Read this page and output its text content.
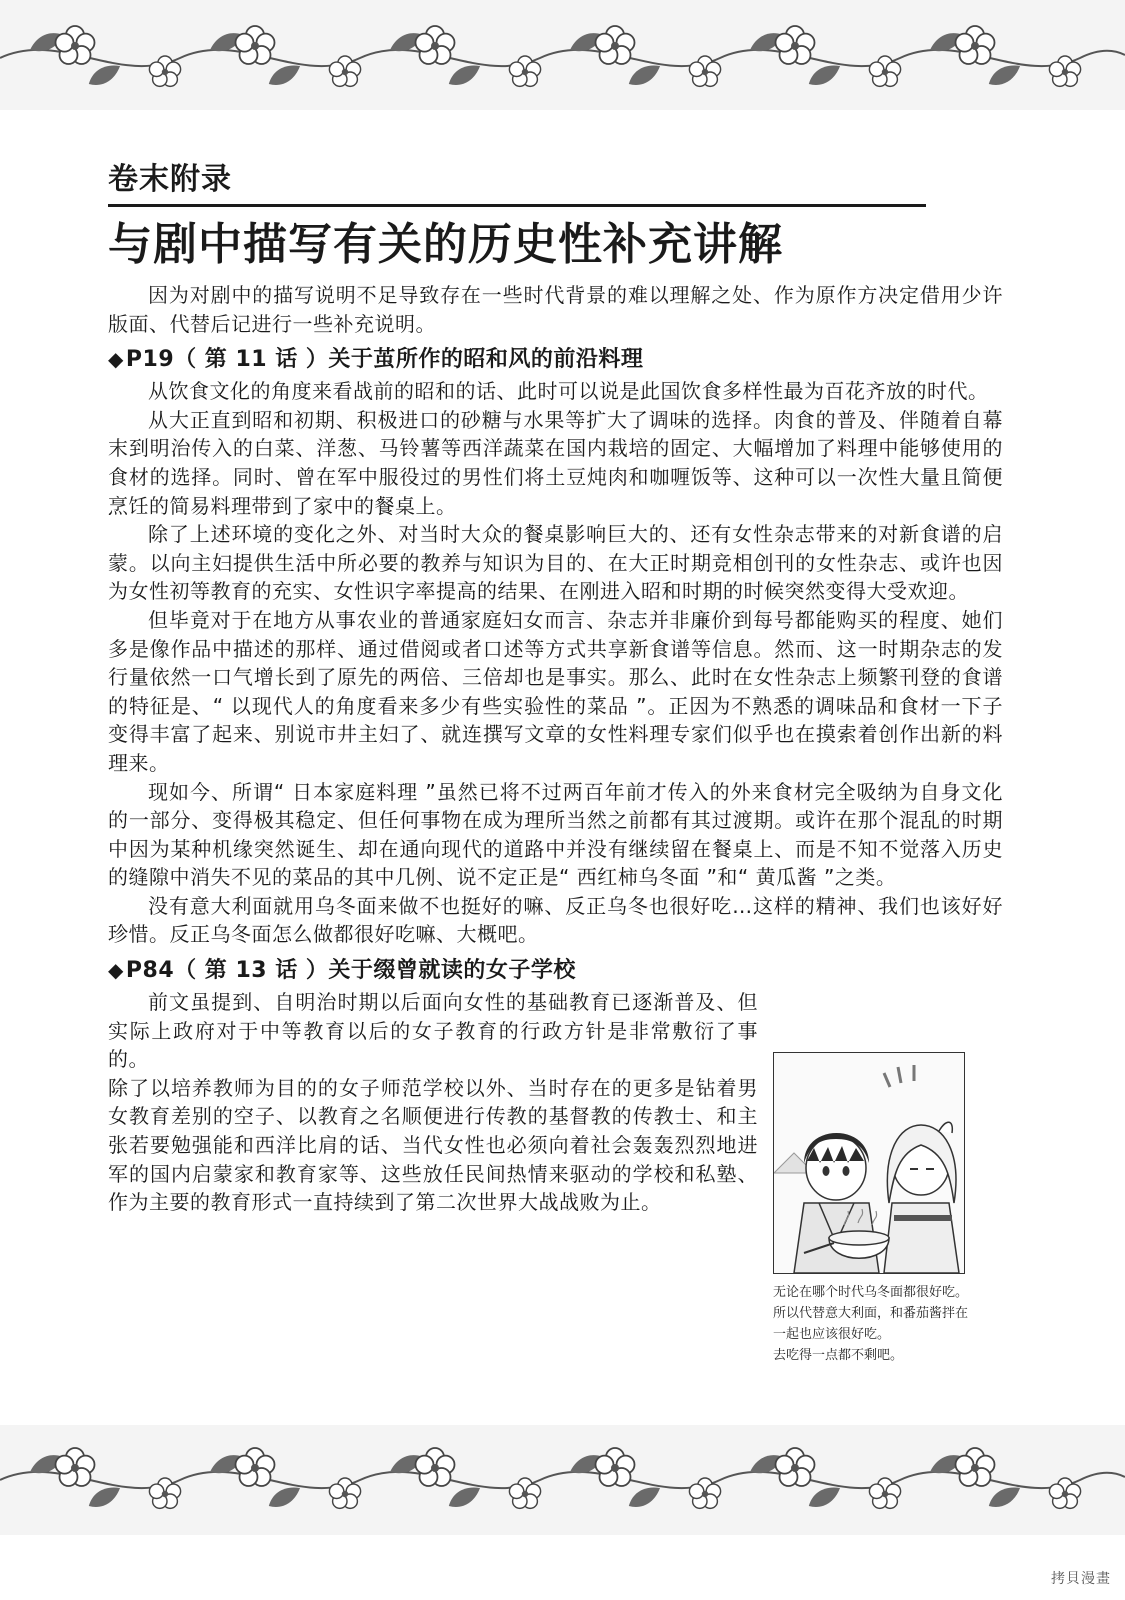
卷末附录

与剧中描写有关的历史性补充讲解

因为对剧中的描写说明不足导致存在一些时代背景的难以理解之处、作为原作方决定借用少许版面、代替后记进行一些补充说明。

◆P19（ 第 11 话 ）关于茧所作的昭和风的前沿料理

从饮食文化的角度来看战前的昭和的话、此时可以说是此国饮食多样性最为百花齐放的时代。

从大正直到昭和初期、积极进口的砂糖与水果等扩大了调味的选择。肉食的普及、伴随着自幕末到明治传入的白菜、洋葱、马铃薯等西洋蔬菜在国内栽培的固定、大幅增加了料理中能够使用的食材的选择。同时、曾在军中服役过的男性们将土豆炖肉和咖喱饭等、这种可以一次性大量且简便烹饪的简易料理带到了家中的餐桌上。

除了上述环境的变化之外、对当时大众的餐桌影响巨大的、还有女性杂志带来的对新食谱的启蒙。以向主妇提供生活中所必要的教养与知识为目的、在大正时期竞相创刊的女性杂志、或许也因为女性初等教育的充实、女性识字率提高的结果、在刚进入昭和时期的时候突然变得大受欢迎。

但毕竟对于在地方从事农业的普通家庭妇女而言、杂志并非廉价到每号都能购买的程度、她们多是像作品中描述的那样、通过借阅或者口述等方式共享新食谱等信息。然而、这一时期杂志的发行量依然一口气增长到了原先的两倍、三倍却也是事实。那么、此时在女性杂志上频繁刊登的食谱的特征是、“ 以现代人的角度看来多少有些实验性的菜品 ”。正因为不熟悉的调味品和食材一下子变得丰富了起来、别说市井主妇了、就连撰写文章的女性料理专家们似乎也在摸索着创作出新的料理来。

现如今、所谓“ 日本家庭料理 ”虽然已将不过两百年前才传入的外来食材完全吸纳为自身文化的一部分、变得极其稳定、但任何事物在成为理所当然之前都有其过渡期。或许在那个混乱的时期中因为某种机缘突然诞生、却在通向现代的道路中并没有继续留在餐桌上、而是不知不觉落入历史的缝隙中消失不见的菜品的其中几例、说不定正是“ 西红柿乌冬面 ”和“ 黄瓜酱 ”之类。

没有意大利面就用乌冬面来做不也挺好的嘛、反正乌冬也很好吃…这样的精神、我们也该好好珍惜。反正乌冬面怎么做都很好吃嘛、大概吧。

◆P84（ 第 13 话 ）关于缀曾就读的女子学校

前文虽提到、自明治时期以后面向女性的基础教育已逐渐普及、但实际上政府对于中等教育以后的女子教育的行政方针是非常敷衍了事的。

除了以培养教师为目的的女子师范学校以外、当时存在的更多是钻着男女教育差别的空子、以教育之名顺便进行传教的基督教的传教士、和主张若要勉强能和西洋比肩的话、当代女性也必须向着社会轰轰烈烈地进军的国内启蒙家和教育家等、这些放任民间热情来驱动的学校和私塾、作为主要的教育形式一直持续到了第二次世界大战战败为止。

无论在哪个时代乌冬面都很好吃。

所以代替意大利面，和番茄酱拌在

一起也应该很好吃。

去吃得一点都不剩吧。

拷貝漫畫
